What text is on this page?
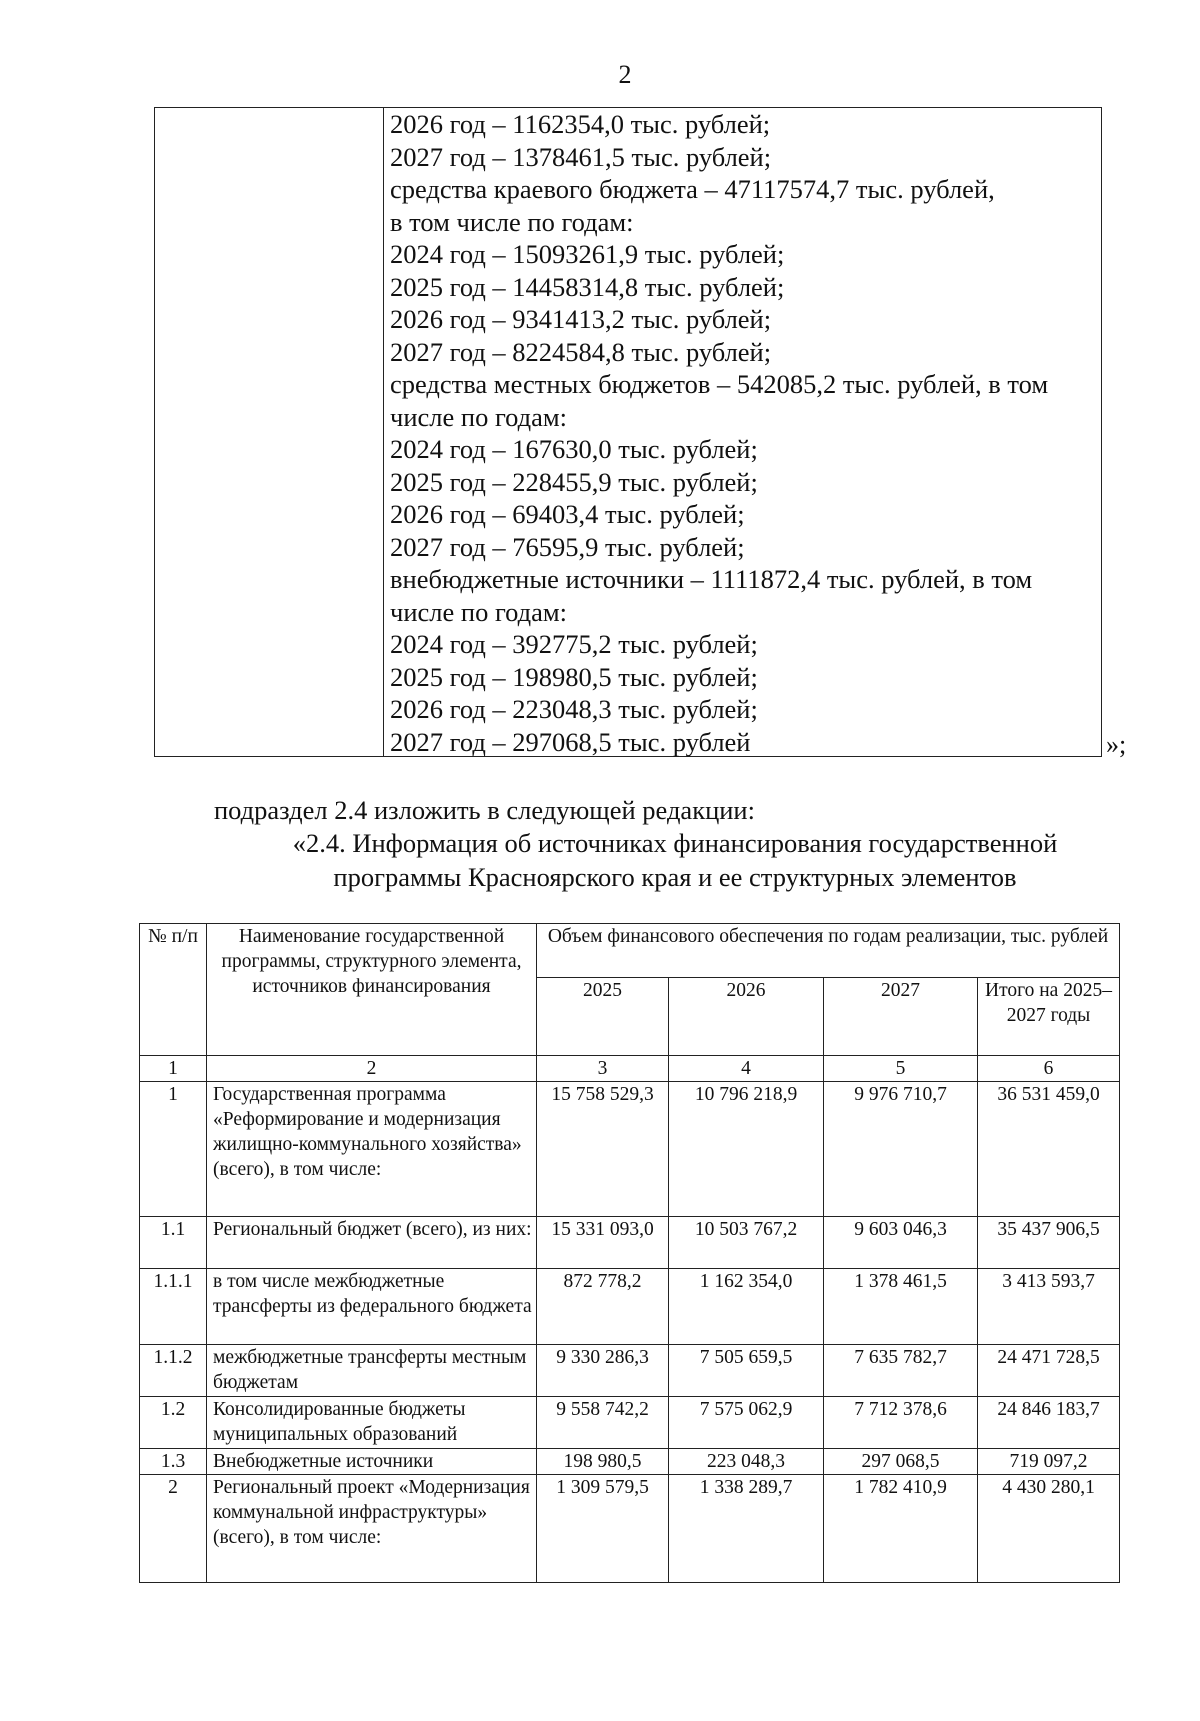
2
2026 год – 1162354,0 тыс. рублей;
2027 год – 1378461,5 тыс. рублей;
средства краевого бюджета – 47117574,7 тыс. рублей,
в том числе по годам:
2024 год – 15093261,9 тыс. рублей;
2025 год – 14458314,8 тыс. рублей;
2026 год – 9341413,2 тыс. рублей;
2027 год – 8224584,8 тыс. рублей;
средства местных бюджетов – 542085,2 тыс. рублей, в том
числе по годам:
2024 год – 167630,0 тыс. рублей;
2025 год – 228455,9 тыс. рублей;
2026 год – 69403,4 тыс. рублей;
2027 год – 76595,9 тыс. рублей;
внебюджетные источники – 1111872,4 тыс. рублей, в том
числе по годам:
2024 год – 392775,2 тыс. рублей;
2025 год – 198980,5 тыс. рублей;
2026 год – 223048,3 тыс. рублей;
2027 год – 297068,5 тыс. рублей	»;
подраздел 2.4 изложить в следующей редакции:
«2.4. Информация об источниках финансирования государственной
программы Красноярского края и ее структурных элементов
№ п/п	Наименование государственной программы, структурного элемента, источников финансирования	Объем финансового обеспечения по годам реализации, тыс. рублей			
		2025	2026	2027	Итого на 2025–2027 годы
1	2	3	4	5	6
1	Государственная программа «Реформирование и модернизация жилищно-коммунального хозяйства» (всего), в том числе:	15 758 529,3	10 796 218,9	9 976 710,7	36 531 459,0
1.1	Региональный бюджет (всего), из них:	15 331 093,0	10 503 767,2	9 603 046,3	35 437 906,5
1.1.1	в том числе межбюджетные трансферты из федерального бюджета	872 778,2	1 162 354,0	1 378 461,5	3 413 593,7
1.1.2	межбюджетные трансферты местным бюджетам	9 330 286,3	7 505 659,5	7 635 782,7	24 471 728,5
1.2	Консолидированные бюджеты муниципальных образований	9 558 742,2	7 575 062,9	7 712 378,6	24 846 183,7
1.3	Внебюджетные источники	198 980,5	223 048,3	297 068,5	719 097,2
2	Региональный проект «Модернизация коммунальной инфраструктуры» (всего), в том числе:	1 309 579,5	1 338 289,7	1 782 410,9	4 430 280,1
